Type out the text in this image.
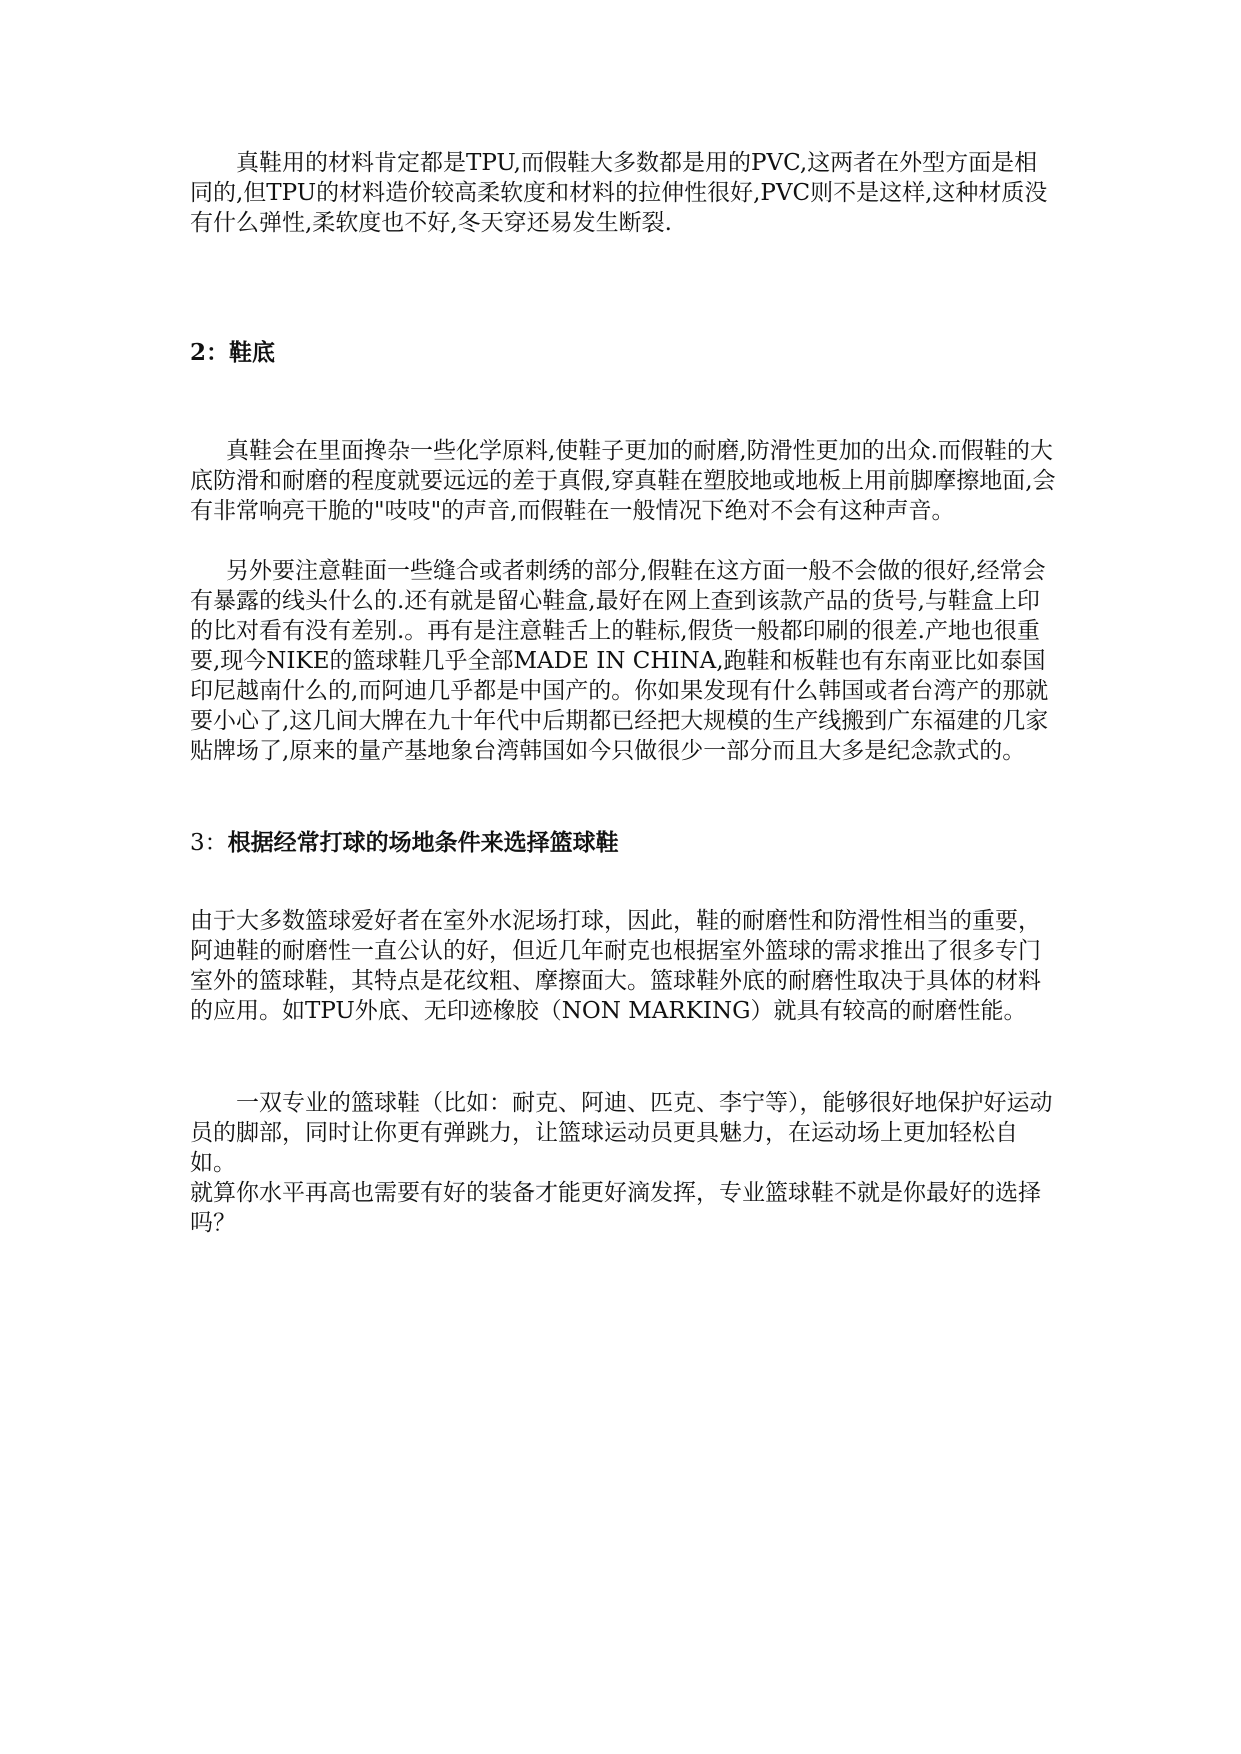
真鞋用的材料肯定都是TPU,而假鞋大多数都是用的PVC,这两者在外型方面是相同的,但TPU的材料造价较高柔软度和材料的拉伸性很好,PVC则不是这样,这种材质没有什么弹性,柔软度也不好,冬天穿还易发生断裂.

2：鞋底

真鞋会在里面搀杂一些化学原料,使鞋子更加的耐磨,防滑性更加的出众.而假鞋的大底防滑和耐磨的程度就要远远的差于真假,穿真鞋在塑胶地或地板上用前脚摩擦地面,会有非常响亮干脆的"吱吱"的声音,而假鞋在一般情况下绝对不会有这种声音。

另外要注意鞋面一些缝合或者刺绣的部分,假鞋在这方面一般不会做的很好,经常会有暴露的线头什么的.还有就是留心鞋盒,最好在网上查到该款产品的货号,与鞋盒上印的比对看有没有差别.。再有是注意鞋舌上的鞋标,假货一般都印刷的很差.产地也很重要,现今NIKE的篮球鞋几乎全部MADE IN CHINA,跑鞋和板鞋也有东南亚比如泰国印尼越南什么的,而阿迪几乎都是中国产的。你如果发现有什么韩国或者台湾产的那就要小心了,这几间大牌在九十年代中后期都已经把大规模的生产线搬到广东福建的几家贴牌场了,原来的量产基地象台湾韩国如今只做很少一部分而且大多是纪念款式的。

3：根据经常打球的场地条件来选择篮球鞋

由于大多数篮球爱好者在室外水泥场打球，因此，鞋的耐磨性和防滑性相当的重要，阿迪鞋的耐磨性一直公认的好，但近几年耐克也根据室外篮球的需求推出了很多专门室外的篮球鞋，其特点是花纹粗、摩擦面大。篮球鞋外底的耐磨性取决于具体的材料的应用。如TPU外底、无印迹橡胶（NON MARKING）就具有较高的耐磨性能。

一双专业的篮球鞋（比如：耐克、阿迪、匹克、李宁等），能够很好地保护好运动员的脚部，同时让你更有弹跳力，让篮球运动员更具魅力，在运动场上更加轻松自如。

就算你水平再高也需要有好的装备才能更好滴发挥，专业篮球鞋不就是你最好的选择吗？
